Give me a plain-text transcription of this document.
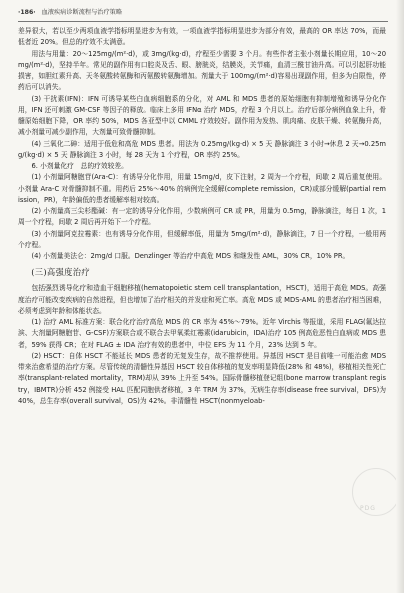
·186· 血液疾病诊断流程与治疗策略

差异很大，若以至少两项血液学指标明显进步为有效，一项血液学指标明显进步为部分有效，最高的 OR 率达 70%，而最低者近 20%。但总的疗效不太满意。

用法与用量：20～125mg/(m²·d)，或 3mg/(kg·d)，疗程至少需要 3 个月。有些作者主张小剂量长期应用，10～20mg/(m²·d)，坚持半年。常见的副作用有口腔炎及舌、眼、膀胱炎，结膜炎，关节痛，血清三酰甘油升高。可以引起肝功能损害，如胆红素升高、天冬氨酸转氨酶和丙氨酸转氨酶增加。剂量大于 100mg/(m²·d)容易出现副作用，但多为自限性，停药后可以消失。

(3) 干扰素(IFN)：IFN 可诱导某些白血病细胞系的分化，对 AML 和 MDS 患者的原始细胞有抑制增殖和诱导分化作用，IFN 还可刺激 GM-CSF 等因子的释放。临床上多用 IFNα 治疗 MDS，疗程 3 个月以上。治疗后部分病例血象上升，骨髓原始细胞下降，OR 率约 50%，MDS 各亚型中以 CMML 疗效较好。副作用为发热、肌肉痛、皮肤干燥、转氨酶升高，减小剂量可减少副作用，大剂量可致骨髓抑制。

(4) 三氧化二砷：适用于低危和高危 MDS 患者。用法为 0.25mg/(kg·d) × 5 天 静脉滴注 3 小时→休息 2 天→0.25mg/(kg·d) × 5 天 静脉滴注 3 小时，每 28 天为 1 个疗程，OR 率约 25%。

6. 小剂量化疗　总的疗效较差。

(1) 小剂量阿糖胞苷(Ara-C)：有诱导分化作用，用量 15mg/d，皮下注射，2 周为一个疗程，间歇 2 周后重复使用。小剂量 Ara-C 对骨髓抑制不重。用药后 25%～40% 的病例完全缓解(complete remission，CR)或部分缓解(partial remission，PR)，年龄偏低的患者缓解率相对较高。

(2) 小剂量高三尖杉酯碱：有一定的诱导分化作用，少数病例可 CR 或 PR，用量为 0.5mg，静脉滴注，每日 1 次，1 周一个疗程，间歇 2 周后再开始下一个疗程。

(3) 小剂量阿克拉霉素：也有诱导分化作用，但缓解率低，用量为 5mg/(m²·d)，静脉滴注，7 日一个疗程，一般用两个疗程。

(4) 小剂量美法仑：2mg/d 口服。Denzlinger 等治疗中高危 MDS 和继发性 AML，30% CR，10% PR。

(三)高强度治疗

包括强烈诱导化疗和造血干细胞移植(hematopoietic stem cell transplantation，HSCT)，适用于高危 MDS。高强度治疗可能改变疾病的自然进程，但也增加了治疗相关的并发症和死亡率。高危 MDS 或 MDS-AML 的患者治疗相当困难，必须考虑到年龄和体能状态。

(1) 治疗 AML 标准方案：联合化疗治疗高危 MDS 的 CR 率为 45%～79%。近年 Virchis 等报道，采用 FLAG(氟达拉滨、大剂量阿糖胞苷、G-CSF)方案联合或不联合去甲氧柔红霉素(idarubicin，IDA)治疗 105 例高危恶性白血病或 MDS 患者，59% 获得 CR；在对 FLAG ± IDA 治疗有效的患者中，中位 EFS 为 11 个月，23% 达到 5 年。

(2) HSCT：自体 HSCT 不能延长 MDS 患者的无复发生存，故不推荐使用。异基因 HSCT 是目前唯一可能治愈 MDS 带来治愈希望的治疗方案。尽管传统的清髓性异基因 HSCT 较自体移植的复发率明显降低(28% 和 48%)，移植相关性死亡率(transplant-related mortality，TRM)却从 39% 上升至 54%。国际骨髓移植登记组(bone marrow transplant registry，IBMTR)分析 452 例接受 HAL 匹配同胞供者移植，3 年 TRM 为 37%，无病生存率(disease free survival，DFS)为 40%，总生存率(overall survival，OS)为 42%。非清髓性 HSCT(nonmyeloab-

PDG
